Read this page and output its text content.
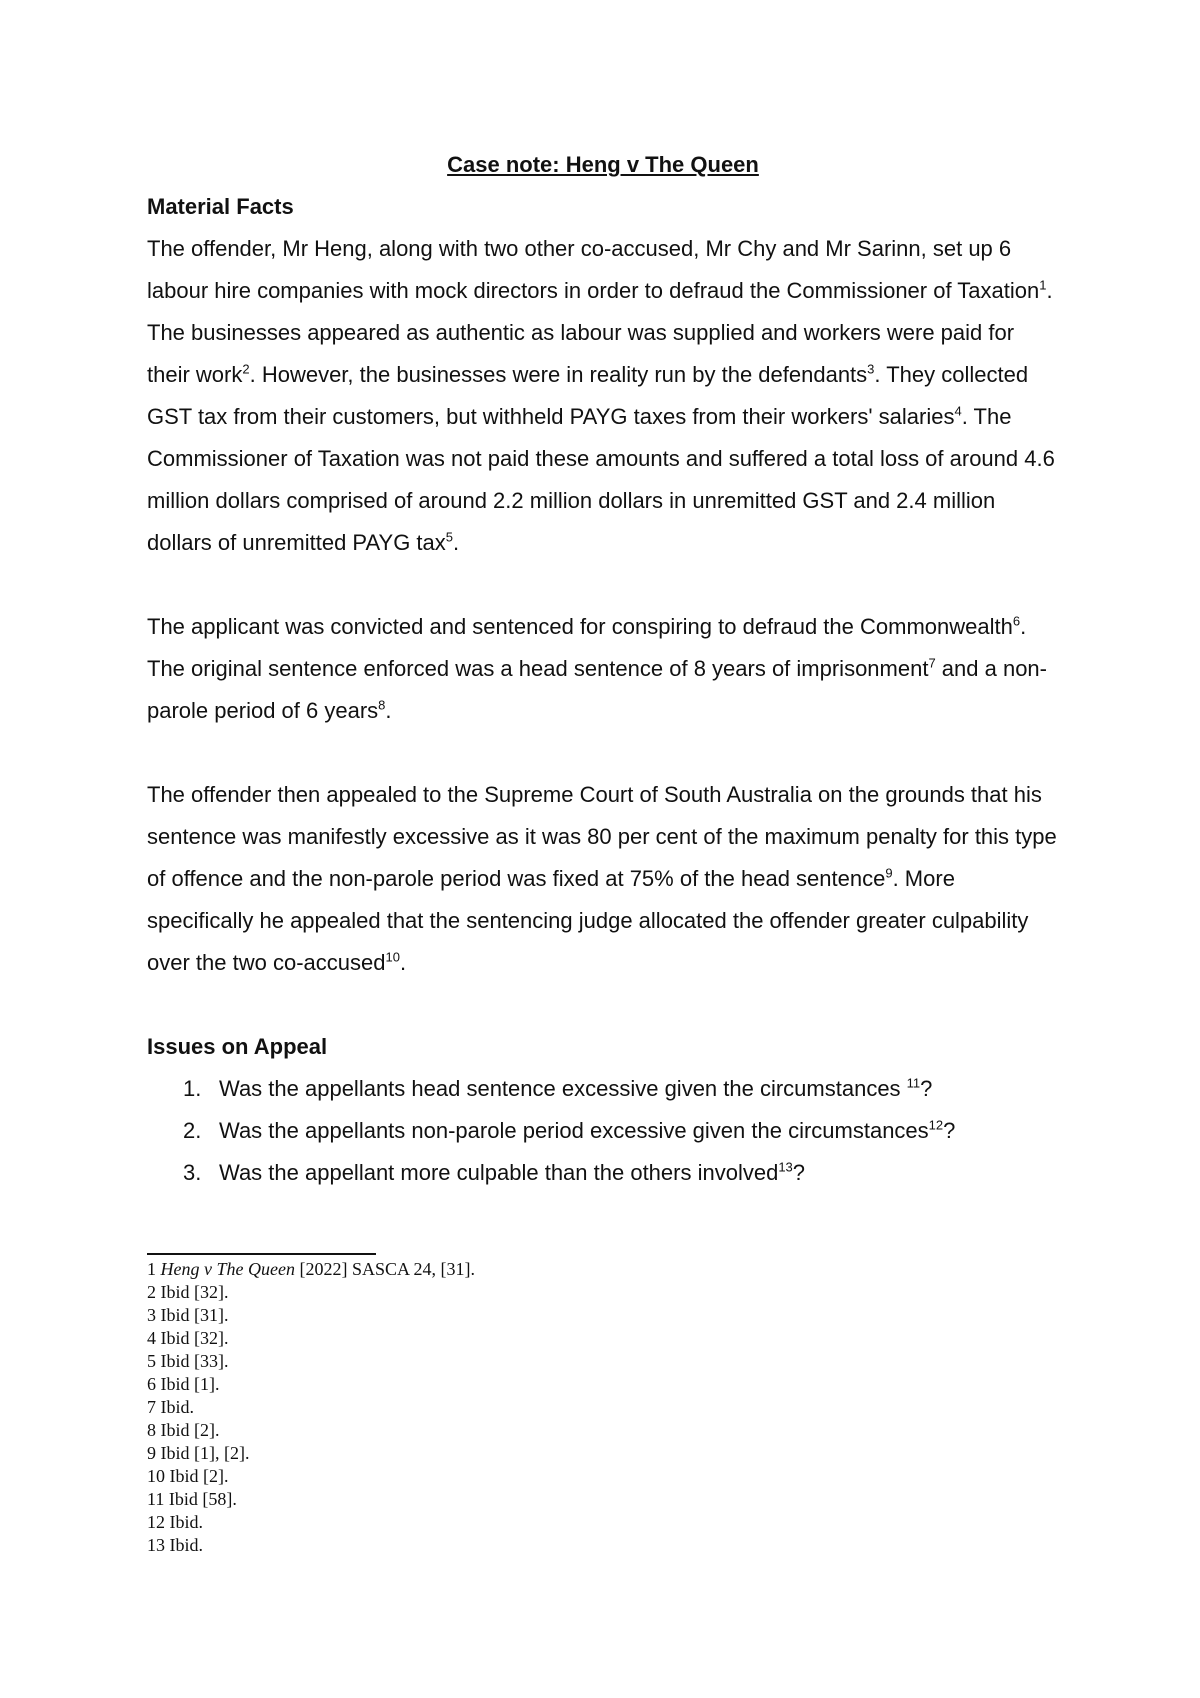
Case note: Heng v The Queen

Material Facts

The offender, Mr Heng, along with two other co-accused, Mr Chy and Mr Sarinn, set up 6 labour hire companies with mock directors in order to defraud the Commissioner of Taxation$^1$. The businesses appeared as authentic as labour was supplied and workers were paid for their work$^2$. However, the businesses were in reality run by the defendants$^3$. They collected GST tax from their customers, but withheld PAYG taxes from their workers' salaries$^4$. The Commissioner of Taxation was not paid these amounts and suffered a total loss of around 4.6 million dollars comprised of around 2.2 million dollars in unremitted GST and 2.4 million dollars of unremitted PAYG tax$^5$.

The applicant was convicted and sentenced for conspiring to defraud the Commonwealth$^6$. The original sentence enforced was a head sentence of 8 years of imprisonment$^7$ and a non-parole period of 6 years$^8$.

The offender then appealed to the Supreme Court of South Australia on the grounds that his sentence was manifestly excessive as it was 80 per cent of the maximum penalty for this type of offence and the non-parole period was fixed at 75% of the head sentence$^9$. More specifically he appealed that the sentencing judge allocated the offender greater culpability over the two co-accused$^{10}$.

Issues on Appeal
1. Was the appellants head sentence excessive given the circumstances $^{11}$?
2. Was the appellants non-parole period excessive given the circumstances$^{12}$?
3. Was the appellant more culpable than the others involved$^{13}$?
1 Heng v The Queen [2022] SASCA 24, [31].
2 Ibid [32].
3 Ibid [31].
4 Ibid [32].
5 Ibid [33].
6 Ibid [1].
7 Ibid.
8 Ibid [2].
9 Ibid [1], [2].
10 Ibid [2].
11 Ibid [58].
12 Ibid.
13 Ibid.
